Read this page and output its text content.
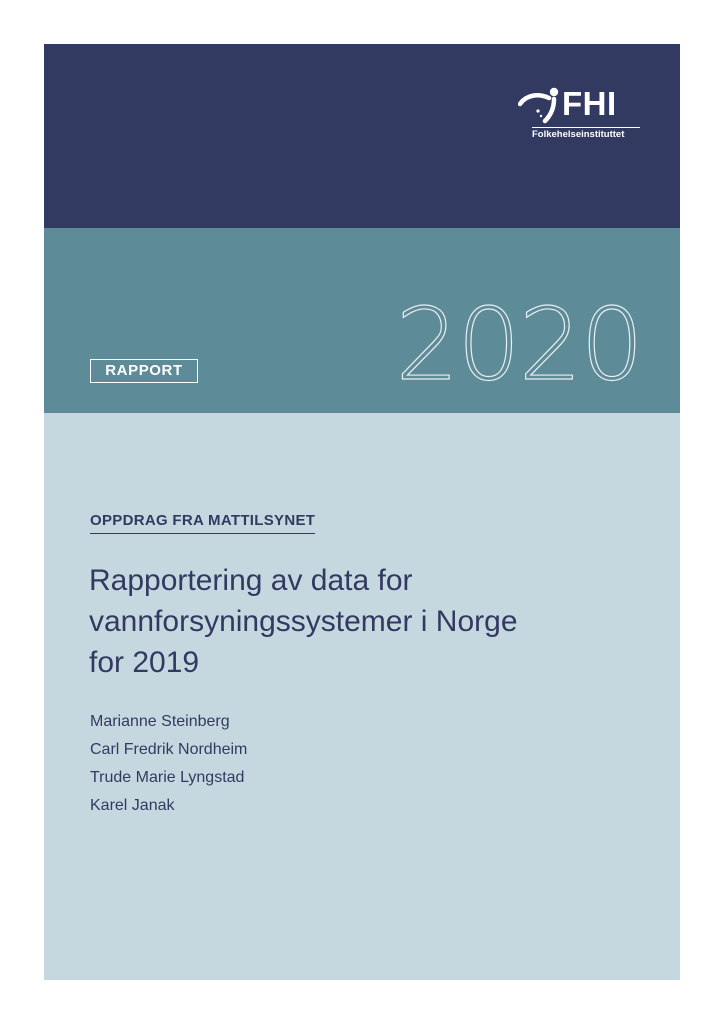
FHI
Folkehelseinstituttet
RAPPORT 2020
OPPDRAG FRA MATTILSYNET
Rapportering av data for
vannforsyningssystemer i Norge
for 2019
Marianne Steinberg
Carl Fredrik Nordheim
Trude Marie Lyngstad
Karel Janak
